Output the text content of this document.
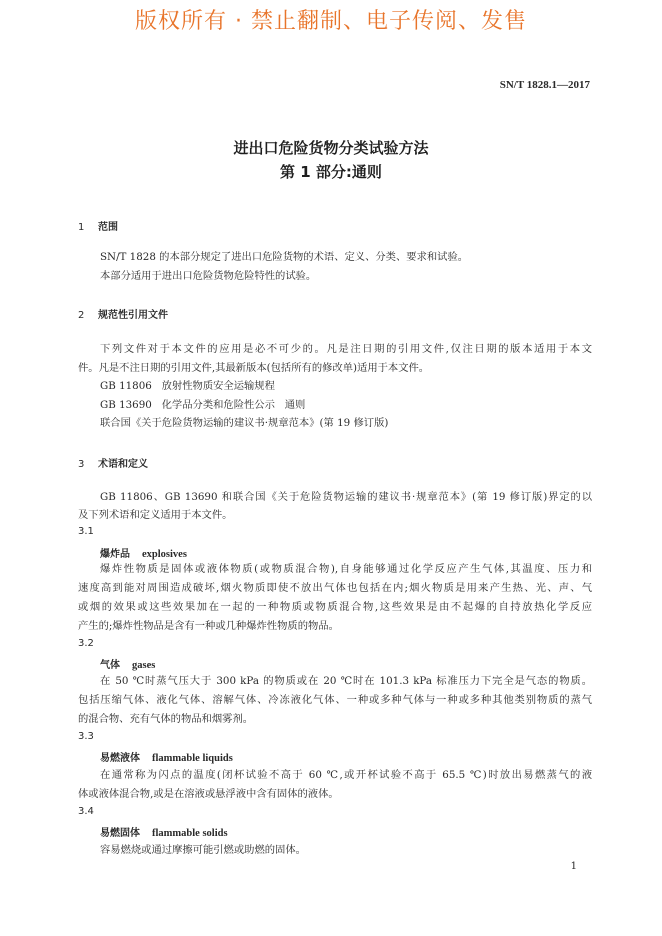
版权所有 · 禁止翻制、电子传阅、发售
SN/T 1828.1—2017
进出口危险货物分类试验方法
第 1 部分:通则
1 范围
SN/T 1828 的本部分规定了进出口危险货物的术语、定义、分类、要求和试验。
本部分适用于进出口危险货物危险特性的试验。
2 规范性引用文件
下列文件对于本文件的应用是必不可少的。凡是注日期的引用文件,仅注日期的版本适用于本文
件。凡是不注日期的引用文件,其最新版本(包括所有的修改单)适用于本文件。
GB 11806   放射性物质安全运输规程
GB 13690   化学品分类和危险性公示   通则
联合国《关于危险货物运输的建议书·规章范本》(第 19 修订版)
3 术语和定义
GB 11806、GB 13690 和联合国《关于危险货物运输的建议书·规章范本》(第 19 修订版)界定的以
及下列术语和定义适用于本文件。
3.1
爆炸品 explosives
爆炸性物质是固体或液体物质(或物质混合物),自身能够通过化学反应产生气体,其温度、压力和
速度高到能对周围造成破坏,烟火物质即使不放出气体也包括在内;烟火物质是用来产生热、光、声、气
或烟的效果或这些效果加在一起的一种物质或物质混合物,这些效果是由不起爆的自持放热化学反应
产生的;爆炸性物品是含有一种或几种爆炸性物质的物品。
3.2
气体 gases
在 50 ℃时蒸气压大于 300 kPa 的物质或在 20 ℃时在 101.3 kPa 标准压力下完全是气态的物质。
包括压缩气体、液化气体、溶解气体、冷冻液化气体、一种或多种气体与一种或多种其他类别物质的蒸气
的混合物、充有气体的物品和烟雾剂。
3.3
易燃液体 flammable liquids
在通常称为闪点的温度(闭杯试验不高于 60 ℃,或开杯试验不高于 65.5 ℃)时放出易燃蒸气的液
体或液体混合物,或是在溶液或悬浮液中含有固体的液体。
3.4
易燃固体 flammable solids
容易燃烧或通过摩擦可能引燃或助燃的固体。
1
